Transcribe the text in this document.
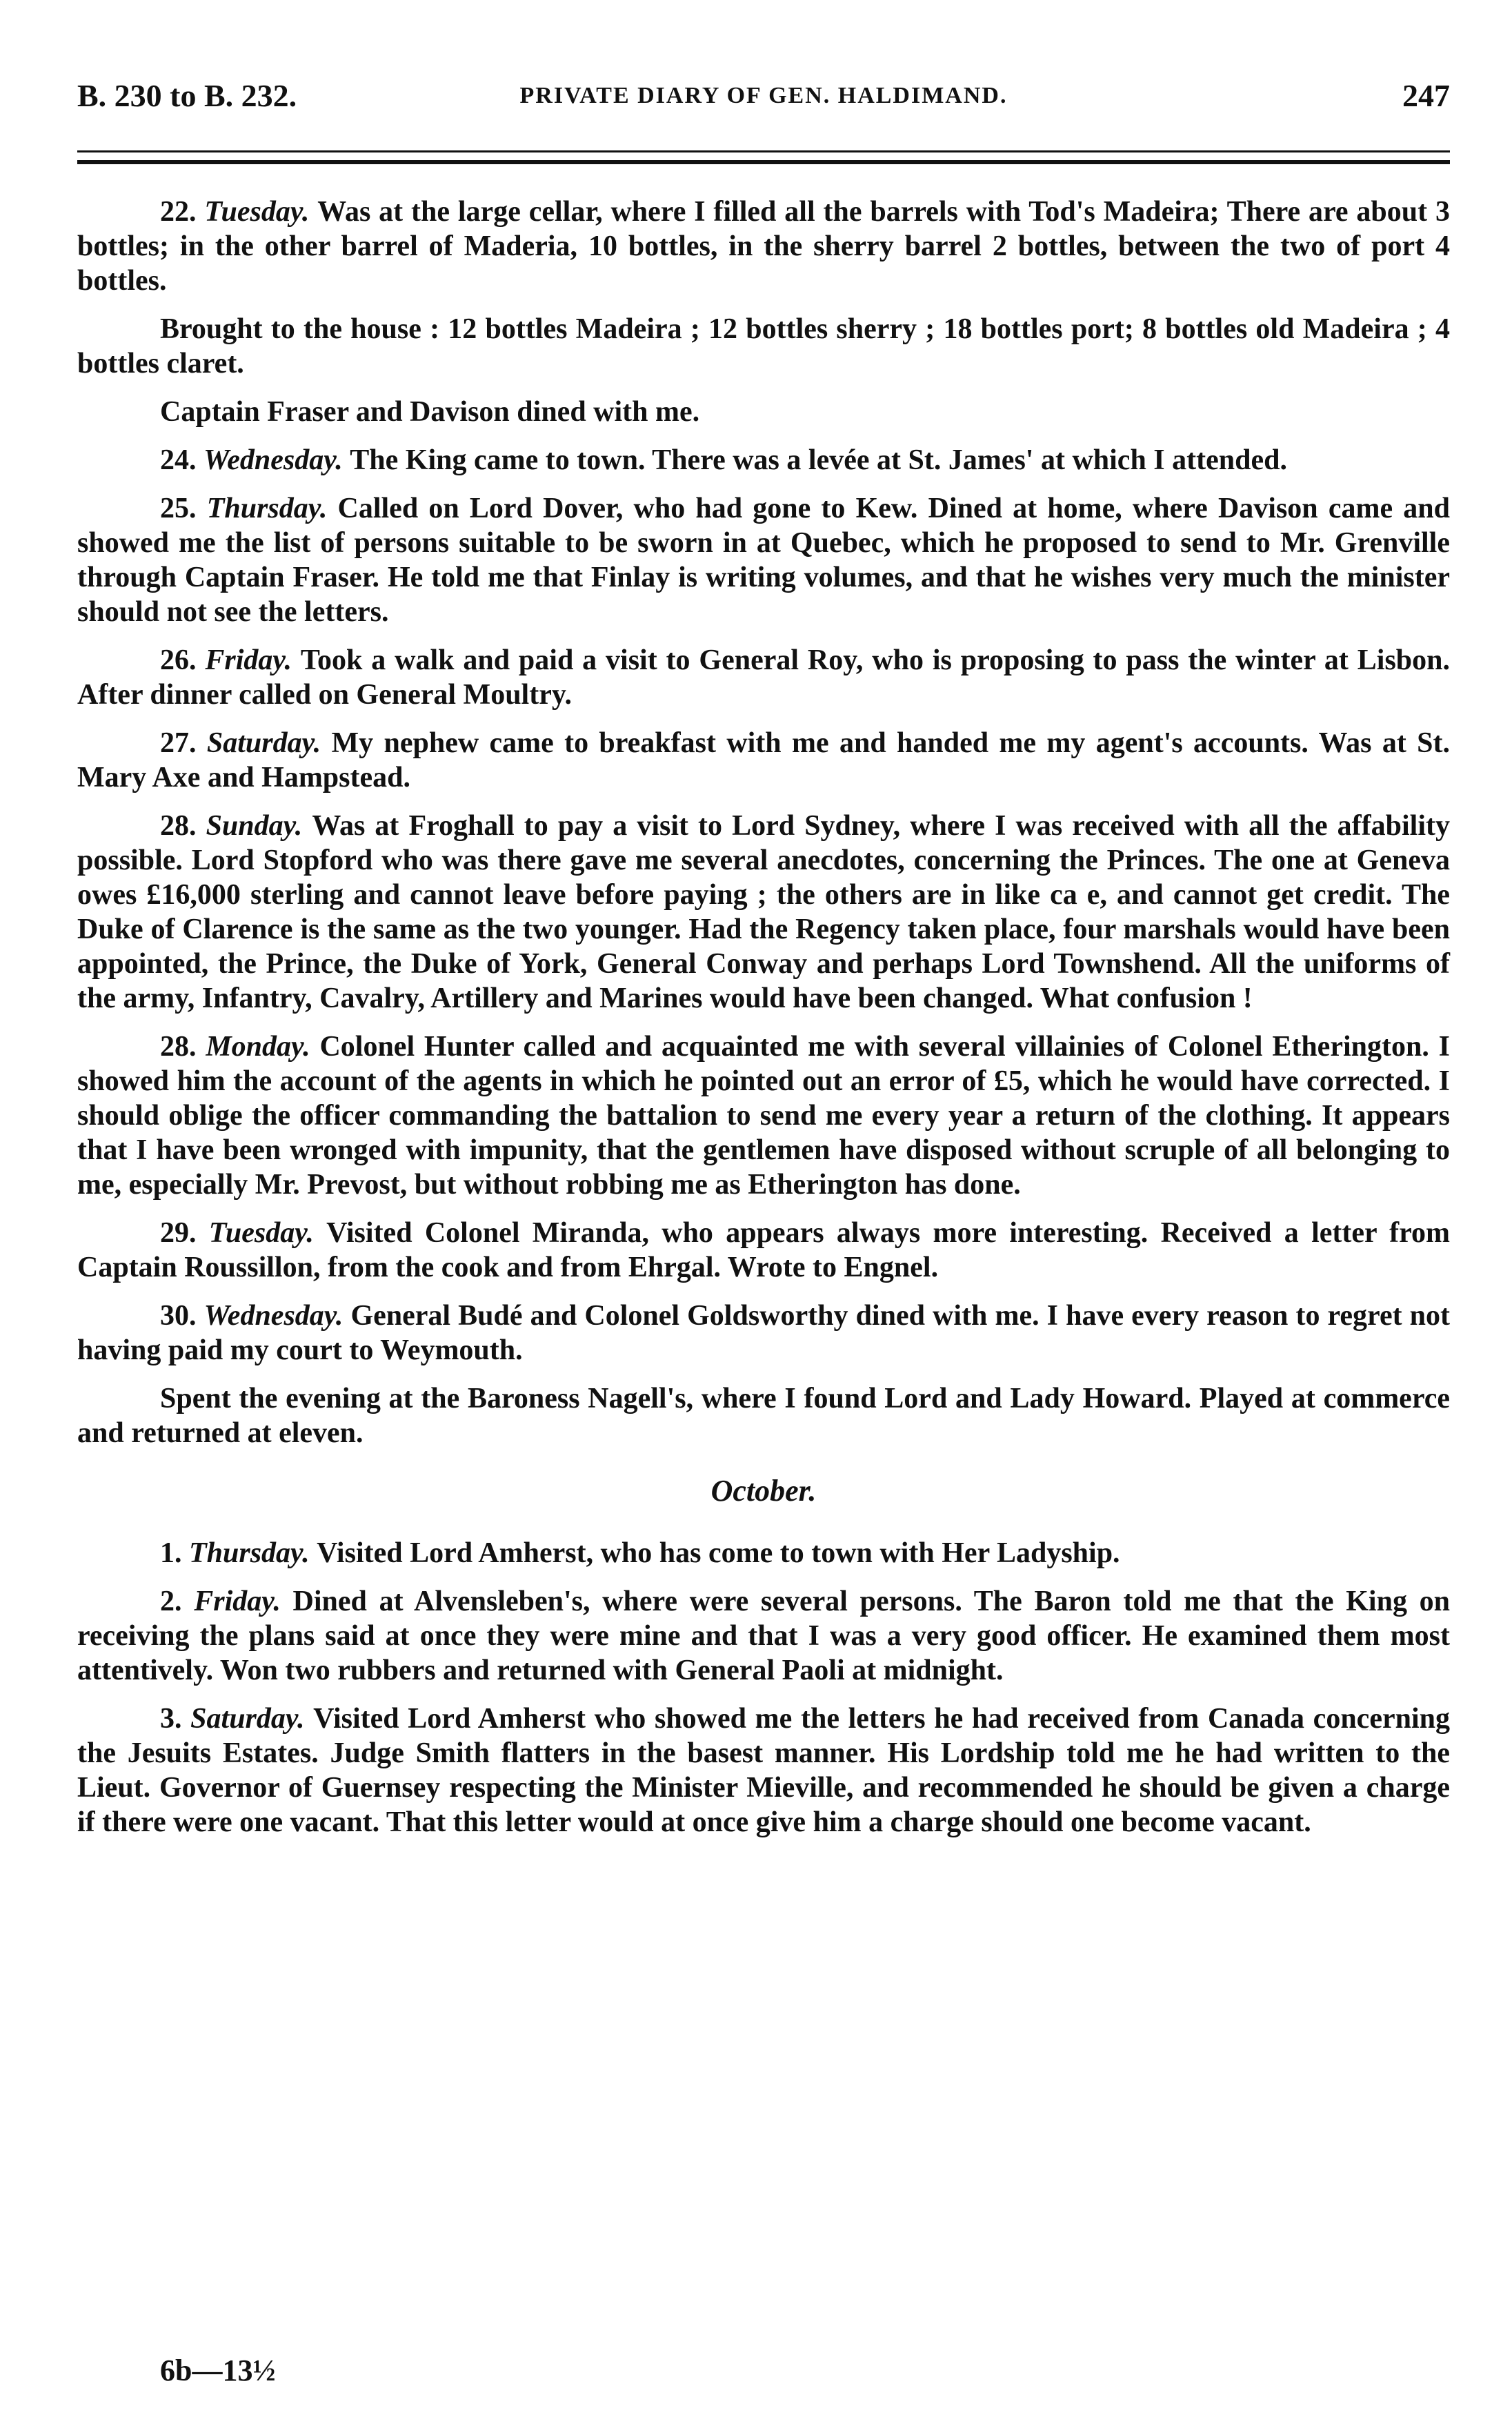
B. 230 to B. 232.	PRIVATE DIARY OF GEN. HALDIMAND.	247

22. Tuesday. Was at the large cellar, where I filled all the barrels with Tod's Madeira; There are about 3 bottles; in the other barrel of Maderia, 10 bottles, in the sherry barrel 2 bottles, between the two of port 4 bottles.

Brought to the house : 12 bottles Madeira ; 12 bottles sherry ; 18 bottles port; 8 bottles old Madeira ; 4 bottles claret.

Captain Fraser and Davison dined with me.

24. Wednesday. The King came to town. There was a levée at St. James' at which I attended.

25. Thursday. Called on Lord Dover, who had gone to Kew. Dined at home, where Davison came and showed me the list of persons suitable to be sworn in at Quebec, which he proposed to send to Mr. Grenville through Captain Fraser. He told me that Finlay is writing volumes, and that he wishes very much the minister should not see the letters.

26. Friday. Took a walk and paid a visit to General Roy, who is proposing to pass the winter at Lisbon. After dinner called on General Moultry.

27. Saturday. My nephew came to breakfast with me and handed me my agent's accounts. Was at St. Mary Axe and Hampstead.

28. Sunday. Was at Froghall to pay a visit to Lord Sydney, where I was received with all the affability possible. Lord Stopford who was there gave me several anecdotes, concerning the Princes. The one at Geneva owes £16,000 sterling and cannot leave before paying ; the others are in like ca e, and cannot get credit. The Duke of Clarence is the same as the two younger. Had the Regency taken place, four marshals would have been appointed, the Prince, the Duke of York, General Conway and perhaps Lord Townshend. All the uniforms of the army, Infantry, Cavalry, Artillery and Marines would have been changed. What confusion !

28. Monday. Colonel Hunter called and acquainted me with several villainies of Colonel Etherington. I showed him the account of the agents in which he pointed out an error of £5, which he would have corrected. I should oblige the officer commanding the battalion to send me every year a return of the clothing. It appears that I have been wronged with impunity, that the gentlemen have disposed without scruple of all belonging to me, especially Mr. Prevost, but without robbing me as Etherington has done.

29. Tuesday. Visited Colonel Miranda, who appears always more interesting. Received a letter from Captain Roussillon, from the cook and from Ehrgal. Wrote to Engnel.

30. Wednesday. General Budé and Colonel Goldsworthy dined with me. I have every reason to regret not having paid my court to Weymouth.

Spent the evening at the Baroness Nagell's, where I found Lord and Lady Howard. Played at commerce and returned at eleven.

October.

1. Thursday. Visited Lord Amherst, who has come to town with Her Ladyship.

2. Friday. Dined at Alvensleben's, where were several persons. The Baron told me that the King on receiving the plans said at once they were mine and that I was a very good officer. He examined them most attentively. Won two rubbers and returned with General Paoli at midnight.

3. Saturday. Visited Lord Amherst who showed me the letters he had received from Canada concerning the Jesuits Estates. Judge Smith flatters in the basest manner. His Lordship told me he had written to the Lieut. Governor of Guernsey respecting the Minister Mieville, and recommended he should be given a charge if there were one vacant. That this letter would at once give him a charge should one become vacant.

6b—13½
